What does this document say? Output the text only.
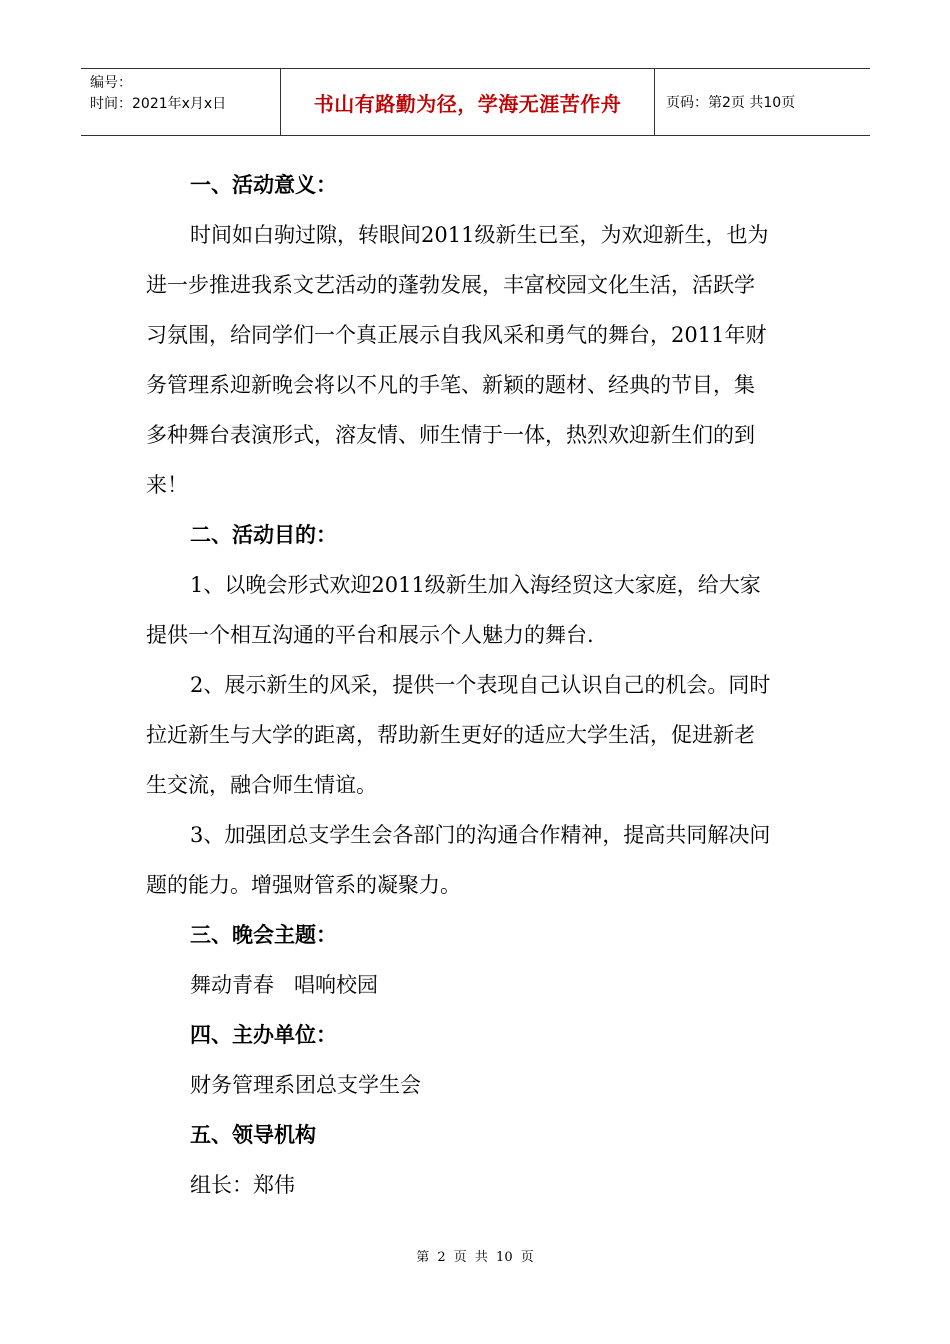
编号：
时间：2021年x月x日	书山有路勤为径，学海无涯苦作舟	页码：第2页 共10页
一、活动意义：
时间如白驹过隙，转眼间2011级新生已至，为欢迎新生，也为
进一步推进我系文艺活动的蓬勃发展，丰富校园文化生活，活跃学
习氛围，给同学们一个真正展示自我风采和勇气的舞台，2011年财
务管理系迎新晚会将以不凡的手笔、新颖的题材、经典的节目，集
多种舞台表演形式，溶友情、师生情于一体，热烈欢迎新生们的到
来！
二、活动目的：
1、以晚会形式欢迎2011级新生加入海经贸这大家庭，给大家
提供一个相互沟通的平台和展示个人魅力的舞台.
2、展示新生的风采，提供一个表现自己认识自己的机会。同时
拉近新生与大学的距离，帮助新生更好的适应大学生活，促进新老
生交流，融合师生情谊。
3、加强团总支学生会各部门的沟通合作精神，提高共同解决问
题的能力。增强财管系的凝聚力。
三、晚会主题：
舞动青春   唱响校园
四、主办单位：
财务管理系团总支学生会
五、领导机构
组长：郑伟
第 2 页 共 10 页
